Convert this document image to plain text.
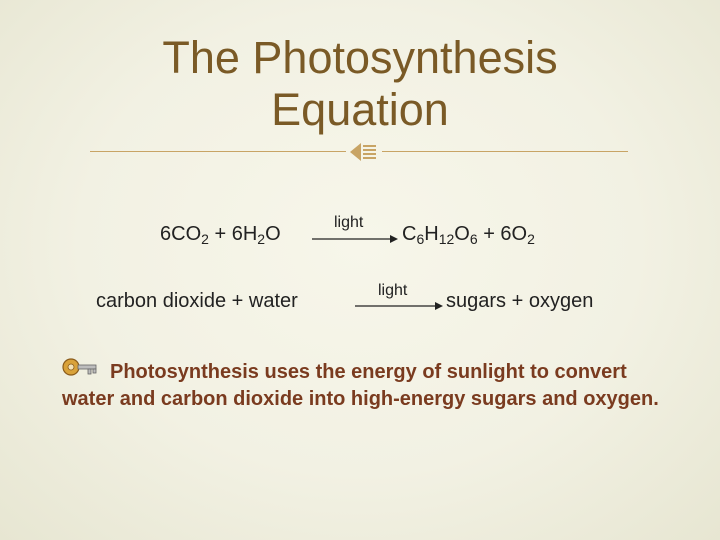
The Photosynthesis Equation
$6CO_2 + 6H_2O$
light
$C_6H_{12}O_6 + 6O_2$
carbon dioxide + water	light sugars + oxygen
Photosynthesis uses the energy of sunlight to convert water and carbon dioxide into high-energy sugars and oxygen.
